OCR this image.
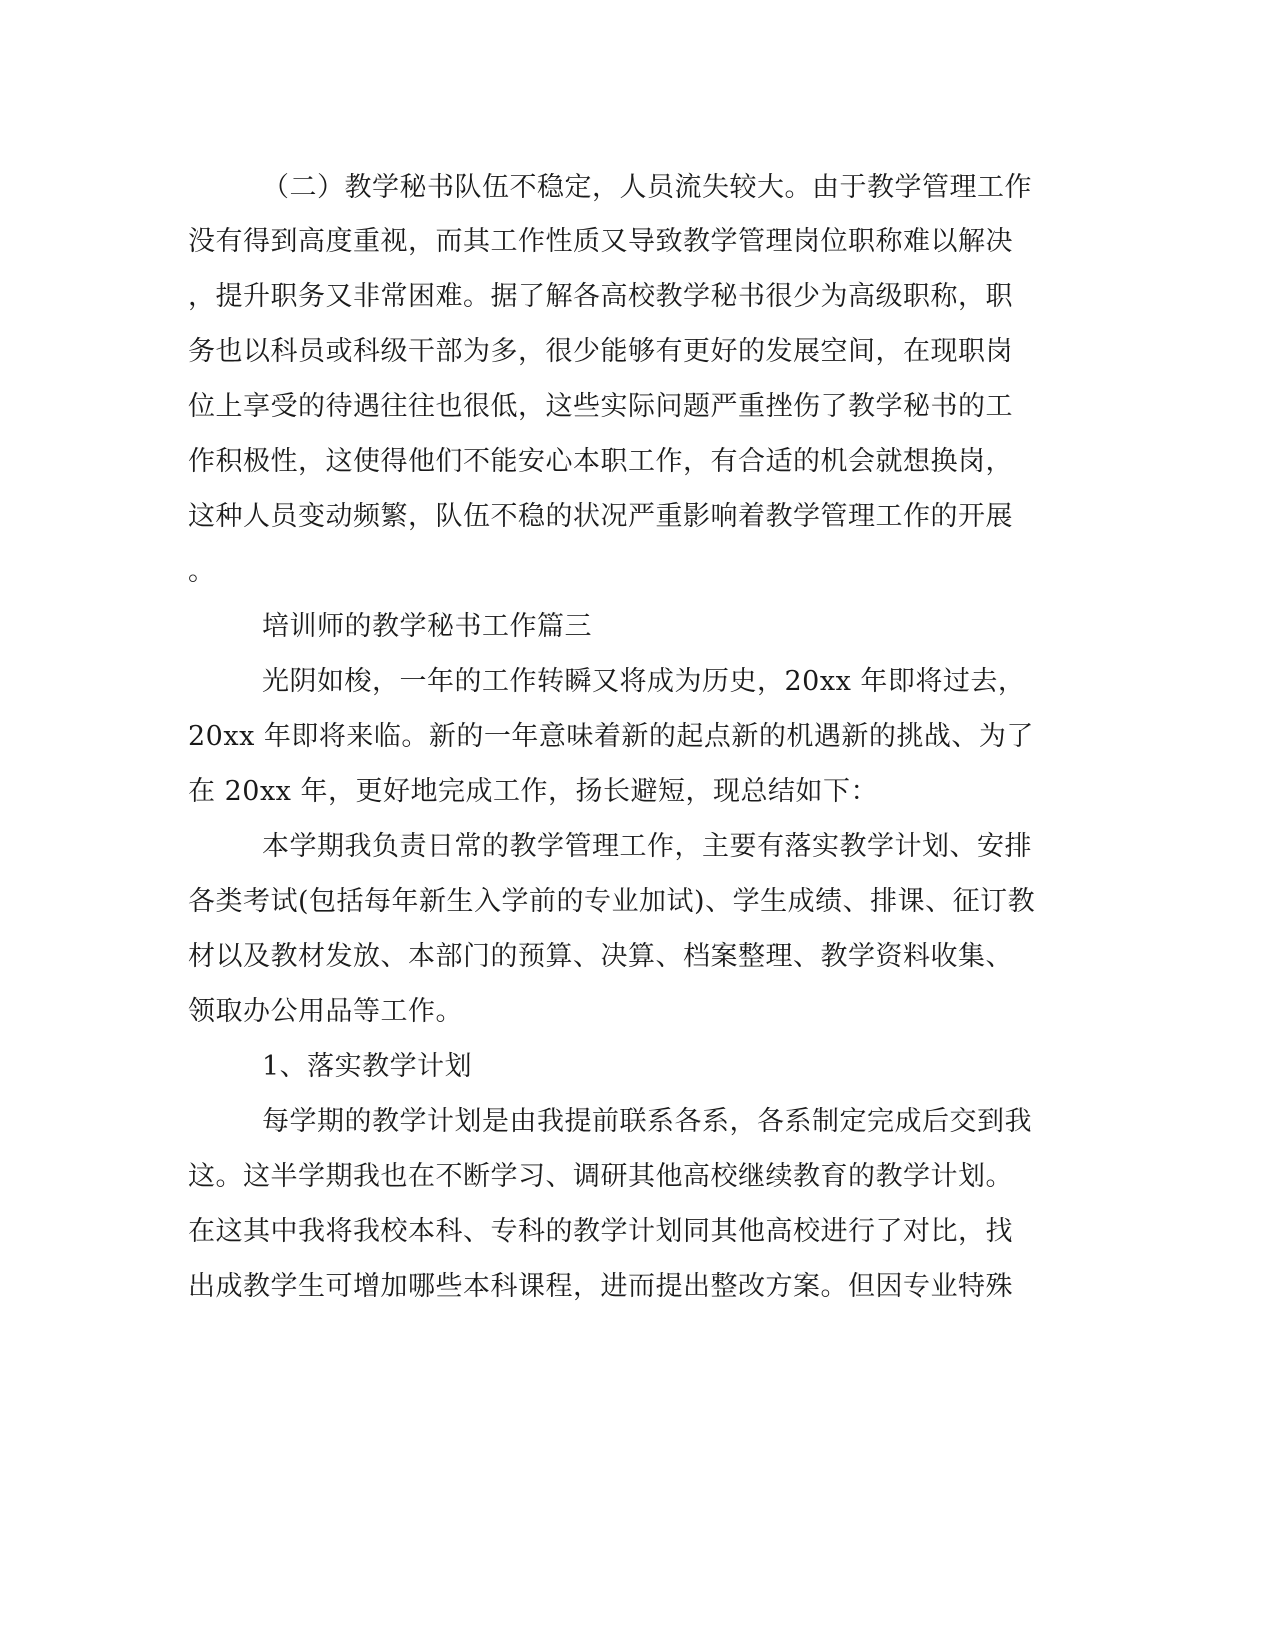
（二）教学秘书队伍不稳定，人员流失较大。由于教学管理工作
没有得到高度重视，而其工作性质又导致教学管理岗位职称难以解决
，提升职务又非常困难。据了解各高校教学秘书很少为高级职称，职
务也以科员或科级干部为多，很少能够有更好的发展空间，在现职岗
位上享受的待遇往往也很低，这些实际问题严重挫伤了教学秘书的工
作积极性，这使得他们不能安心本职工作，有合适的机会就想换岗，
这种人员变动频繁，队伍不稳的状况严重影响着教学管理工作的开展
。
培训师的教学秘书工作篇三
光阴如梭，一年的工作转瞬又将成为历史，20xx 年即将过去，
20xx 年即将来临。新的一年意味着新的起点新的机遇新的挑战、为了
在 20xx 年，更好地完成工作，扬长避短，现总结如下：
本学期我负责日常的教学管理工作，主要有落实教学计划、安排
各类考试(包括每年新生入学前的专业加试)、学生成绩、排课、征订教
材以及教材发放、本部门的预算、决算、档案整理、教学资料收集、
领取办公用品等工作。
1、落实教学计划
每学期的教学计划是由我提前联系各系，各系制定完成后交到我
这。这半学期我也在不断学习、调研其他高校继续教育的教学计划。
在这其中我将我校本科、专科的教学计划同其他高校进行了对比，找
出成教学生可增加哪些本科课程，进而提出整改方案。但因专业特殊
